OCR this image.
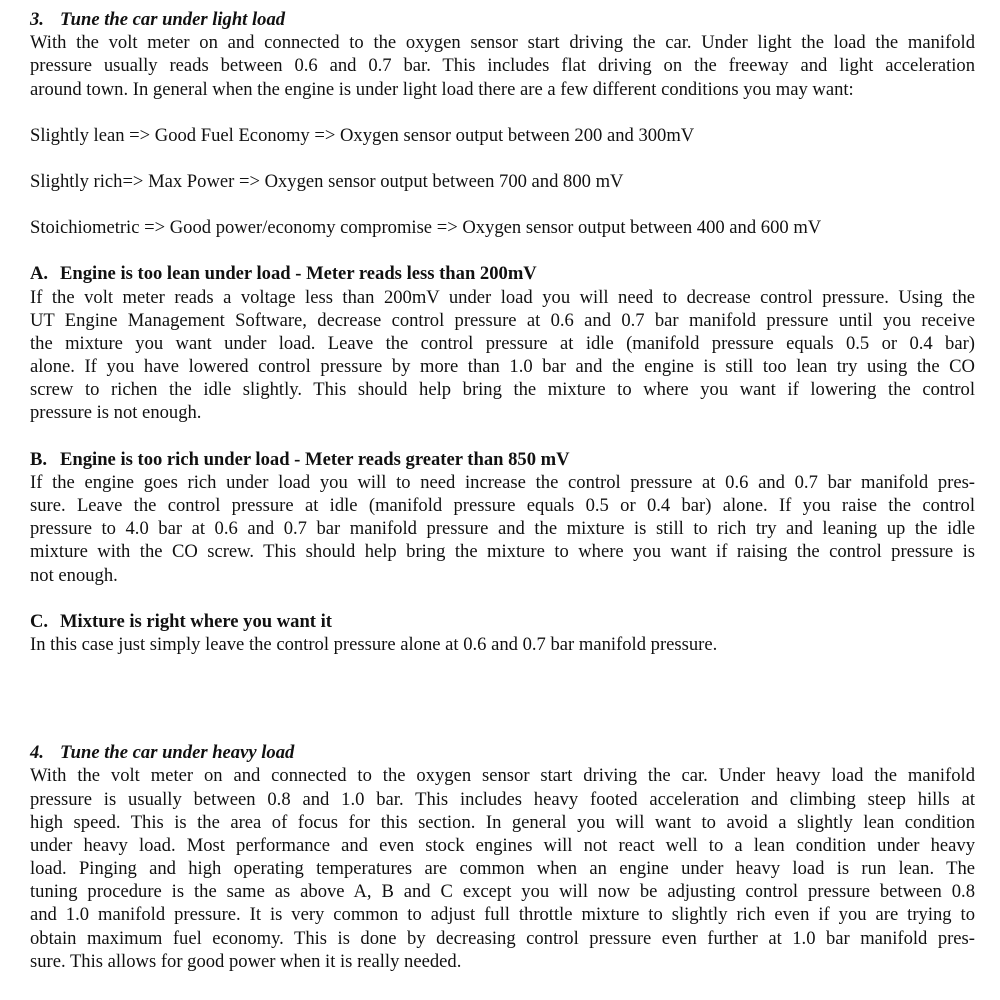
3. Tune the car under light load
With the volt meter on and connected to the oxygen sensor start driving the car. Under light the load the manifold
pressure usually reads between 0.6 and 0.7 bar. This includes flat driving on the freeway and light acceleration
around town. In general when the engine is under light load there are a few different conditions you may want:
Slightly lean => Good Fuel Economy => Oxygen sensor output between 200 and 300mV
Slightly rich=> Max Power => Oxygen sensor output between 700 and 800 mV
Stoichiometric => Good power/economy compromise => Oxygen sensor output between 400 and 600 mV
A. Engine is too lean under load - Meter reads less than 200mV
If the volt meter reads a voltage less than 200mV under load you will need to decrease control pressure. Using the
UT Engine Management Software, decrease control pressure at 0.6 and 0.7 bar manifold pressure until you receive
the mixture you want under load. Leave the control pressure at idle (manifold pressure equals 0.5 or 0.4 bar)
alone. If you have lowered control pressure by more than 1.0 bar and the engine is still too lean try using the CO
screw to richen the idle slightly. This should help bring the mixture to where you want if lowering the control
pressure is not enough.
B. Engine is too rich under load - Meter reads greater than 850 mV
If the engine goes rich under load you will to need increase the control pressure at 0.6 and 0.7 bar manifold pres-
sure. Leave the control pressure at idle (manifold pressure equals 0.5 or 0.4 bar) alone. If you raise the control
pressure to 4.0 bar at 0.6 and 0.7 bar manifold pressure and the mixture is still to rich try and leaning up the idle
mixture with the CO screw. This should help bring the mixture to where you want if raising the control pressure is
not enough.
C. Mixture is right where you want it
In this case just simply leave the control pressure alone at 0.6 and 0.7 bar manifold pressure.
4. Tune the car under heavy load
With the volt meter on and connected to the oxygen sensor start driving the car. Under heavy load the manifold
pressure is usually between 0.8 and 1.0 bar. This includes heavy footed acceleration and climbing steep hills at
high speed. This is the area of focus for this section. In general you will want to avoid a slightly lean condition
under heavy load. Most performance and even stock engines will not react well to a lean condition under heavy
load. Pinging and high operating temperatures are common when an engine under heavy load is run lean. The
tuning procedure is the same as above A, B and C except you will now be adjusting control pressure between 0.8
and 1.0 manifold pressure. It is very common to adjust full throttle mixture to slightly rich even if you are trying to
obtain maximum fuel economy. This is done by decreasing control pressure even further at 1.0 bar manifold pres-
sure. This allows for good power when it is really needed.
